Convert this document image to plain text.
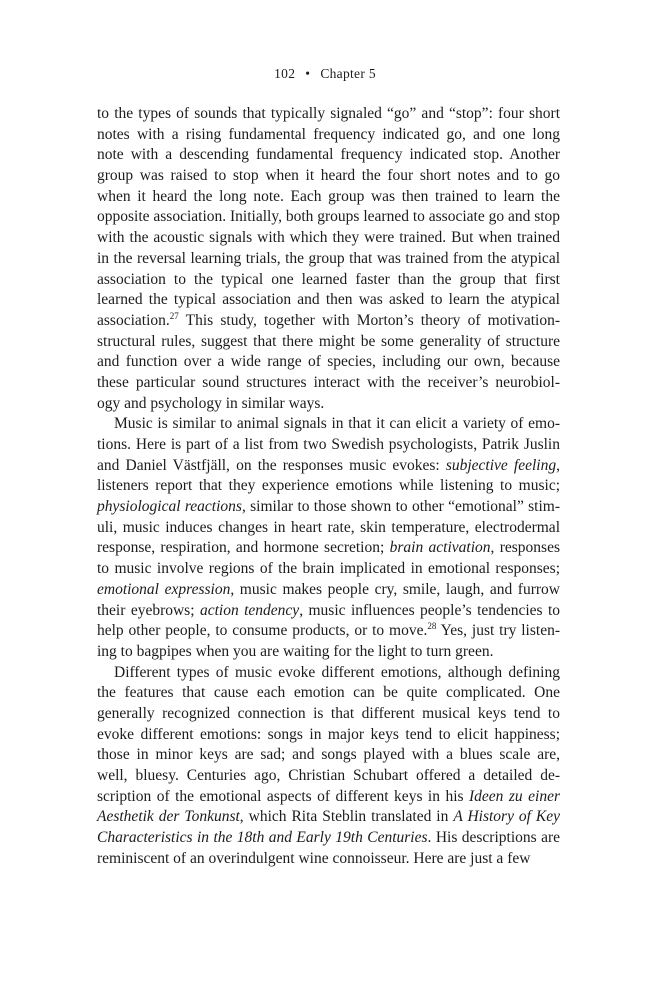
102 • Chapter 5
to the types of sounds that typically signaled “go” and “stop”: four short
notes with a rising fundamental frequency indicated go, and one long
note with a descending fundamental frequency indicated stop. Another
group was raised to stop when it heard the four short notes and to go
when it heard the long note. Each group was then trained to learn the
opposite association. Initially, both groups learned to associate go and stop
with the acoustic signals with which they were trained. But when trained
in the reversal learning trials, the group that was trained from the atypical
association to the typical one learned faster than the group that first
learned the typical association and then was asked to learn the atypical
association.$^{27}$ This study, together with Morton’s theory of motivation-
structural rules, suggest that there might be some generality of structure
and function over a wide range of species, including our own, because
these particular sound structures interact with the receiver’s neurobiol-
ogy and psychology in similar ways.
Music is similar to animal signals in that it can elicit a variety of emo-
tions. Here is part of a list from two Swedish psychologists, Patrik Juslin
and Daniel Västfjäll, on the responses music evokes: subjective feeling,
listeners report that they experience emotions while listening to music;
physiological reactions, similar to those shown to other “emotional” stim-
uli, music induces changes in heart rate, skin temperature, electrodermal
response, respiration, and hormone secretion; brain activation, responses
to music involve regions of the brain implicated in emotional responses;
emotional expression, music makes people cry, smile, laugh, and furrow
their eyebrows; action tendency, music influences people’s tendencies to
help other people, to consume products, or to move.$^{28}$ Yes, just try listen-
ing to bagpipes when you are waiting for the light to turn green.
Different types of music evoke different emotions, although defining
the features that cause each emotion can be quite complicated. One
generally recognized connection is that different musical keys tend to
evoke different emotions: songs in major keys tend to elicit happiness;
those in minor keys are sad; and songs played with a blues scale are,
well, bluesy. Centuries ago, Christian Schubart offered a detailed de-
scription of the emotional aspects of different keys in his Ideen zu einer
Aesthetik der Tonkunst, which Rita Steblin translated in A History of Key
Characteristics in the 18th and Early 19th Centuries. His descriptions are
reminiscent of an overindulgent wine connoisseur. Here are just a few
